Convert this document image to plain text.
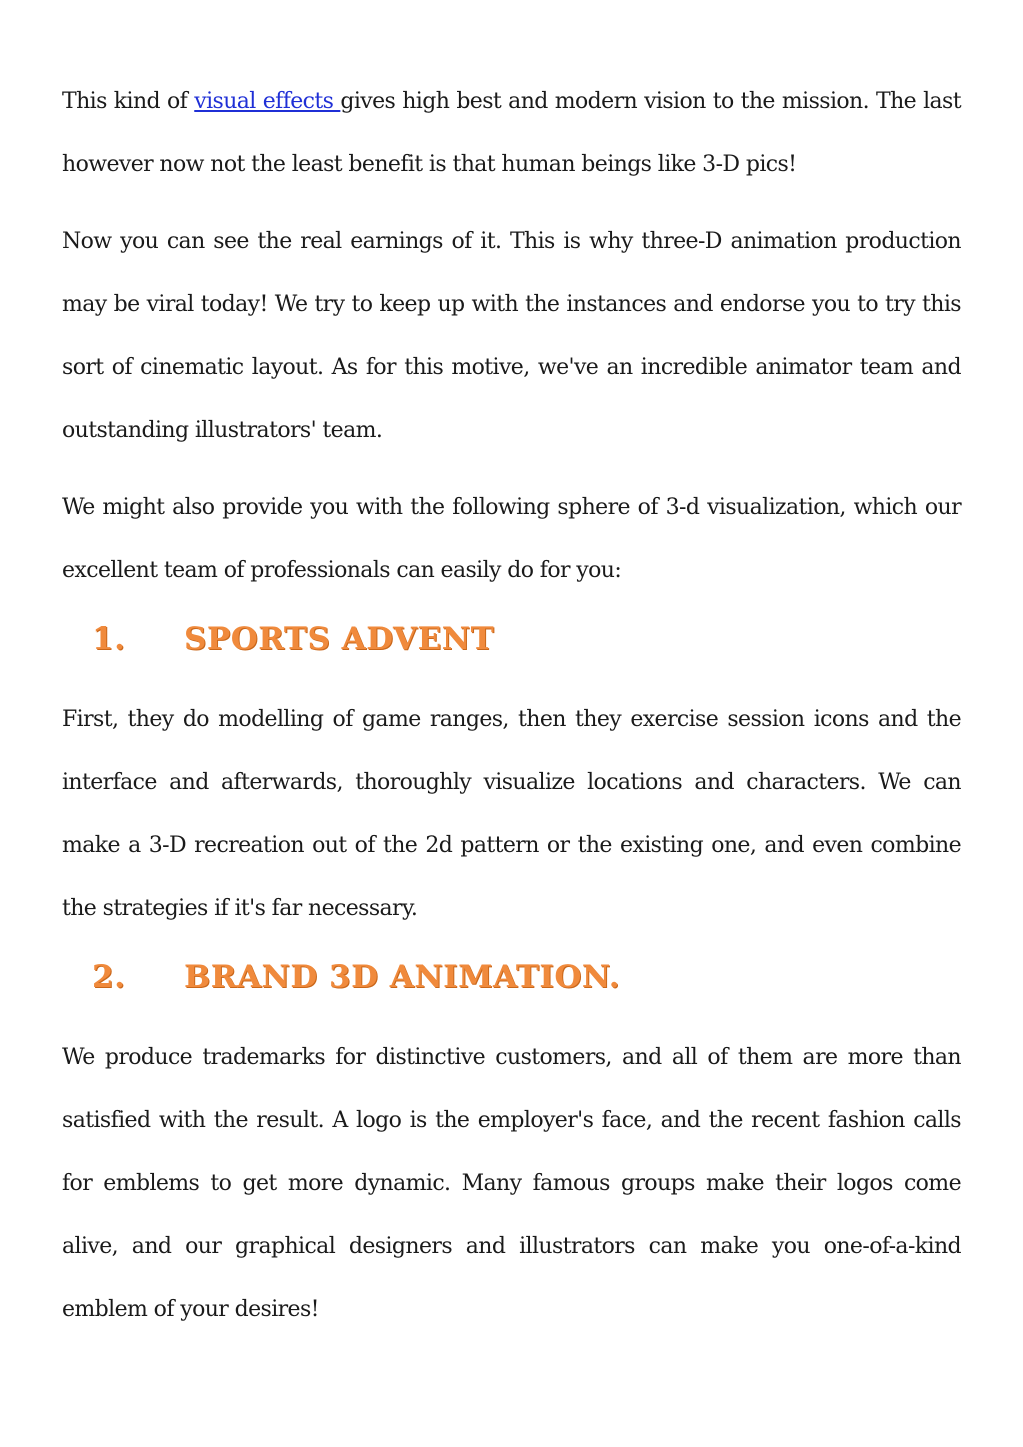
This kind of visual effects gives high best and modern vision to the mission. The last however now not the least benefit is that human beings like 3-D pics!

Now you can see the real earnings of it. This is why three-D animation production may be viral today! We try to keep up with the instances and endorse you to try this sort of cinematic layout. As for this motive, we've an incredible animator team and outstanding illustrators' team.

We might also provide you with the following sphere of 3-d visualization, which our excellent team of professionals can easily do for you:

1.	SPORTS ADVENT

First, they do modelling of game ranges, then they exercise session icons and the interface and afterwards, thoroughly visualize locations and characters. We can make a 3-D recreation out of the 2d pattern or the existing one, and even combine the strategies if it's far necessary.

2.	BRAND 3D ANIMATION.

We produce trademarks for distinctive customers, and all of them are more than satisfied with the result. A logo is the employer's face, and the recent fashion calls for emblems to get more dynamic. Many famous groups make their logos come alive, and our graphical designers and illustrators can make you one-of-a-kind emblem of your desires!
